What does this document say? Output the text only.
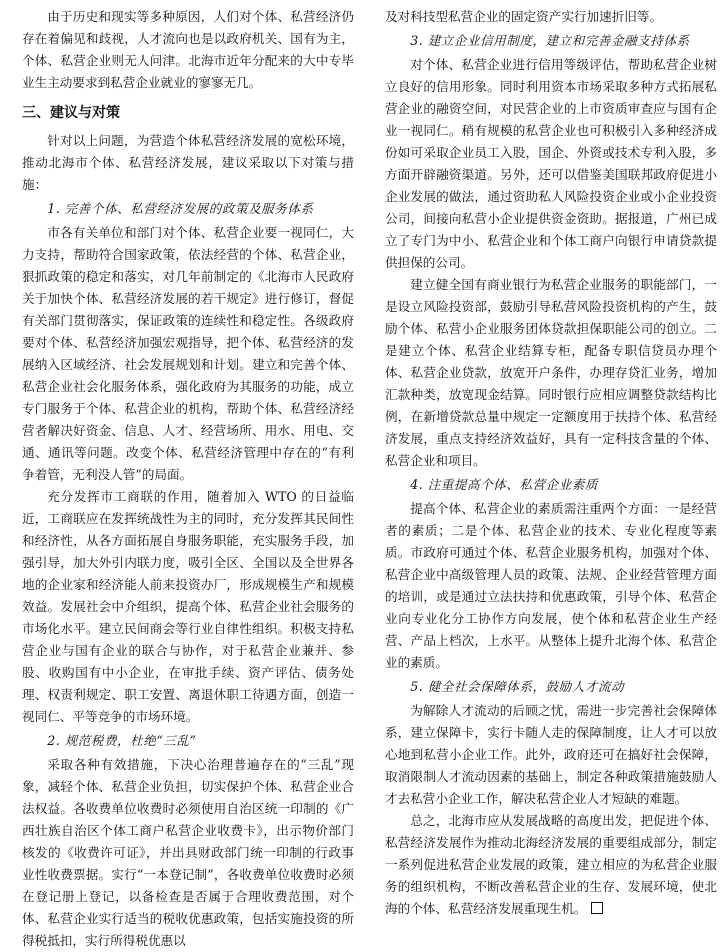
由于历史和现实等多种原因，人们对个体、私营经济仍存在着偏见和歧视，人才流向也是以政府机关、国有为主，个体、私营企业则无人问津。北海市近年分配来的大中专毕业生主动要求到私营企业就业的寥寥无几。

三、建议与对策

针对以上问题，为营造个体私营经济发展的宽松环境，推动北海市个体、私营经济发展，建议采取以下对策与措施：

1. 完善个体、私营经济发展的政策及服务体系

市各有关单位和部门对个体、私营企业要一视同仁，大力支持，帮助符合国家政策，依法经营的个体、私营企业，狠抓政策的稳定和落实，对几年前制定的《北海市人民政府关于加快个体、私营经济发展的若干规定》进行修订，督促有关部门贯彻落实，保证政策的连续性和稳定性。各级政府要对个体、私营经济加强宏观指导，把个体、私营经济的发展纳入区域经济、社会发展规划和计划。建立和完善个体、私营企业社会化服务体系，强化政府为其服务的功能，成立专门服务于个体、私营企业的机构，帮助个体、私营经济经营者解决好资金、信息、人才、经营场所、用水、用电、交通、通讯等问题。改变个体、私营经济管理中存在的“有利争着管，无利没人管”的局面。

充分发挥市工商联的作用，随着加入 WTO 的日益临近，工商联应在发挥统战性为主的同时，充分发挥其民间性和经济性，从各方面拓展自身服务职能，充实服务手段，加强引导，加大外引内联力度，吸引全区、全国以及全世界各地的企业家和经济能人前来投资办厂，形成规模生产和规模效益。发展社会中介组织，提高个体、私营企业社会服务的市场化水平。建立民间商会等行业自律性组织。积极支持私营企业与国有企业的联合与协作，对于私营企业兼并、参股、收购国有中小企业，在审批手续、资产评估、债务处理、权责利规定、职工安置、离退休职工待遇方面，创造一视同仁、平等竞争的市场环境。

2. 规范税费，杜绝“三乱”

采取各种有效措施，下决心治理普遍存在的“三乱”现象，减轻个体、私营企业负担，切实保护个体、私营企业合法权益。各收费单位收费时必须使用自治区统一印制的《广西壮族自治区个体工商户私营企业收费卡》，出示物价部门核发的《收费许可证》，并出具财政部门统一印制的行政事业性收费票据。实行“一本登记制”，各收费单位收费时必须在登记册上登记，以备检查是否属于合理收费范围，对个体、私营企业实行适当的税收优惠政策，包括实施投资的所得税抵扣，实行所得税优惠以

及对科技型私营企业的固定资产实行加速折旧等。

3. 建立企业信用制度，建立和完善金融支持体系

对个体、私营企业进行信用等级评估，帮助私营企业树立良好的信用形象。同时利用资本市场采取多种方式拓展私营企业的融资空间，对民营企业的上市资质审查应与国有企业一视同仁。稍有规模的私营企业也可积极引入多种经济成份如可采取企业员工入股，国企、外资或技术专利入股，多方面开辟融资渠道。另外，还可以借鉴美国联邦政府促进小企业发展的做法，通过资助私人风险投资企业或小企业投资公司，间接向私营小企业提供资金资助。据报道，广州已成立了专门为中小、私营企业和个体工商户向银行申请贷款提供担保的公司。

建立健全国有商业银行为私营企业服务的职能部门，一是设立风险投资部，鼓励引导私营风险投资机构的产生，鼓励个体、私营小企业服务团体贷款担保职能公司的创立。二是建立个体、私营企业结算专柜，配备专职信贷员办理个体、私营企业贷款，放宽开户条件，办理存贷汇业务，增加汇款种类，放宽现金结算。同时银行应相应调整贷款结构比例，在新增贷款总量中规定一定额度用于扶持个体、私营经济发展，重点支持经济效益好，具有一定科技含量的个体、私营企业和项目。

4. 注重提高个体、私营企业素质

提高个体、私营企业的素质需注重两个方面：一是经营者的素质；二是个体、私营企业的技术、专业化程度等素质。市政府可通过个体、私营企业服务机构，加强对个体、私营企业中高级管理人员的政策、法规、企业经营管理方面的培训，或是通过立法扶持和优惠政策，引导个体、私营企业向专业化分工协作方向发展，使个体和私营企业生产经营、产品上档次，上水平。从整体上提升北海个体、私营企业的素质。

5. 健全社会保障体系，鼓励人才流动

为解除人才流动的后顾之忧，需进一步完善社会保障体系，建立保障卡，实行卡随人走的保障制度，让人才可以放心地到私营小企业工作。此外，政府还可在搞好社会保障，取消限制人才流动因素的基础上，制定各种政策措施鼓励人才去私营小企业工作，解决私营企业人才短缺的难题。

总之，北海市应从发展战略的高度出发，把促进个体、私营经济发展作为推动北海经济发展的重要组成部分，制定一系列促进私营企业发展的政策，建立相应的为私营企业服务的组织机构，不断改善私营企业的生存、发展环境，使北海的个体、私营经济发展重现生机。
